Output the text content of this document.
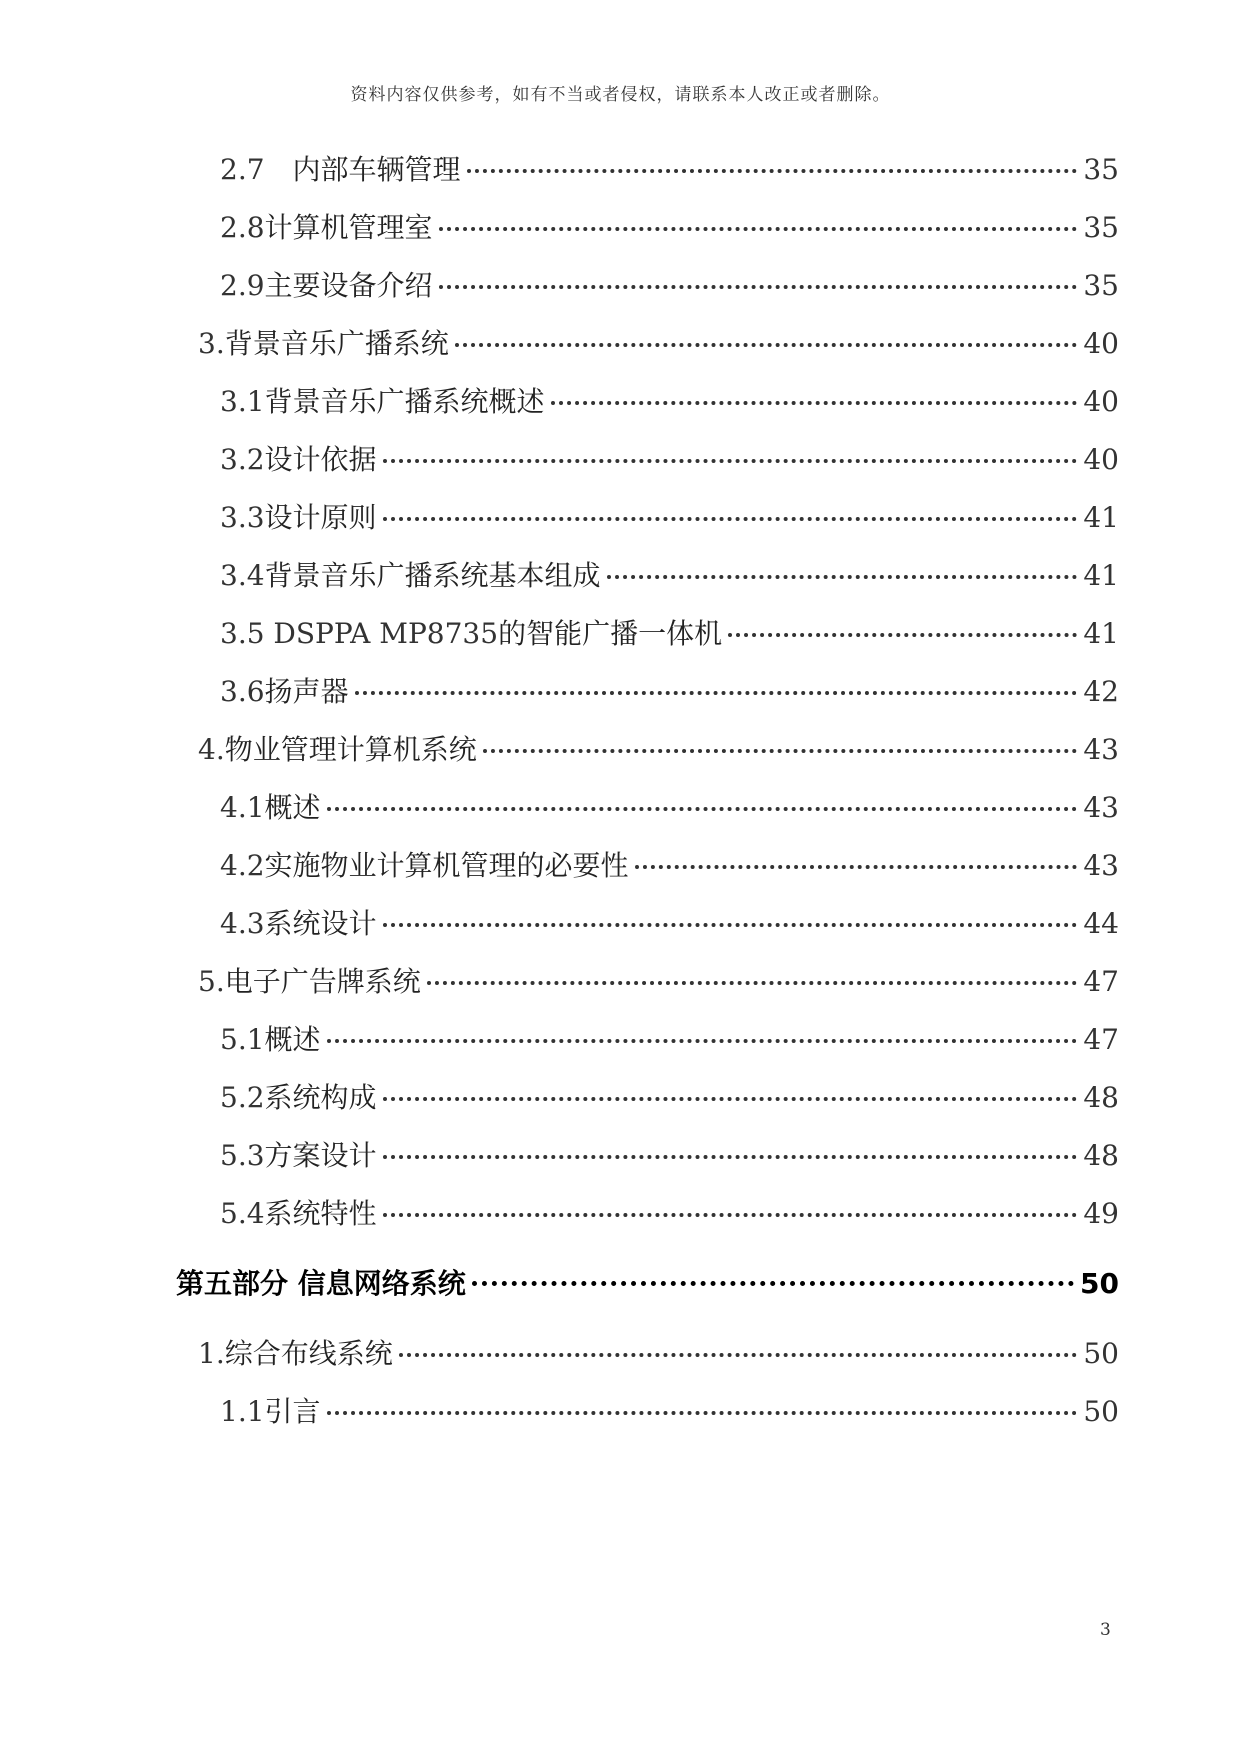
资料内容仅供参考，如有不当或者侵权，请联系本人改正或者删除。
2.7　 内部车辆管理	35
2.8 计算机管理室	35
2.9 主要设备介绍	35
3. 背景音乐广播系统	40
3.1 背景音乐广播系统概述	40
3.2 设计依据	40
3.3 设计原则	41
3.4 背景音乐广播系统基本组成	41
3.5 DSPPA MP8735 的智能广播一体机	41
3.6 扬声器	42
4. 物业管理计算机系统	43
4.1 概述	43
4.2 实施物业计算机管理的必要性	43
4.3 系统设计	44
5. 电子广告牌系统	47
5.1 概述	47
5.2 系统构成	48
5.3 方案设计	48
5.4 系统特性	49
第五部分 信息网络系统	50
1. 综合布线系统	50
1.1 引言	50
3
